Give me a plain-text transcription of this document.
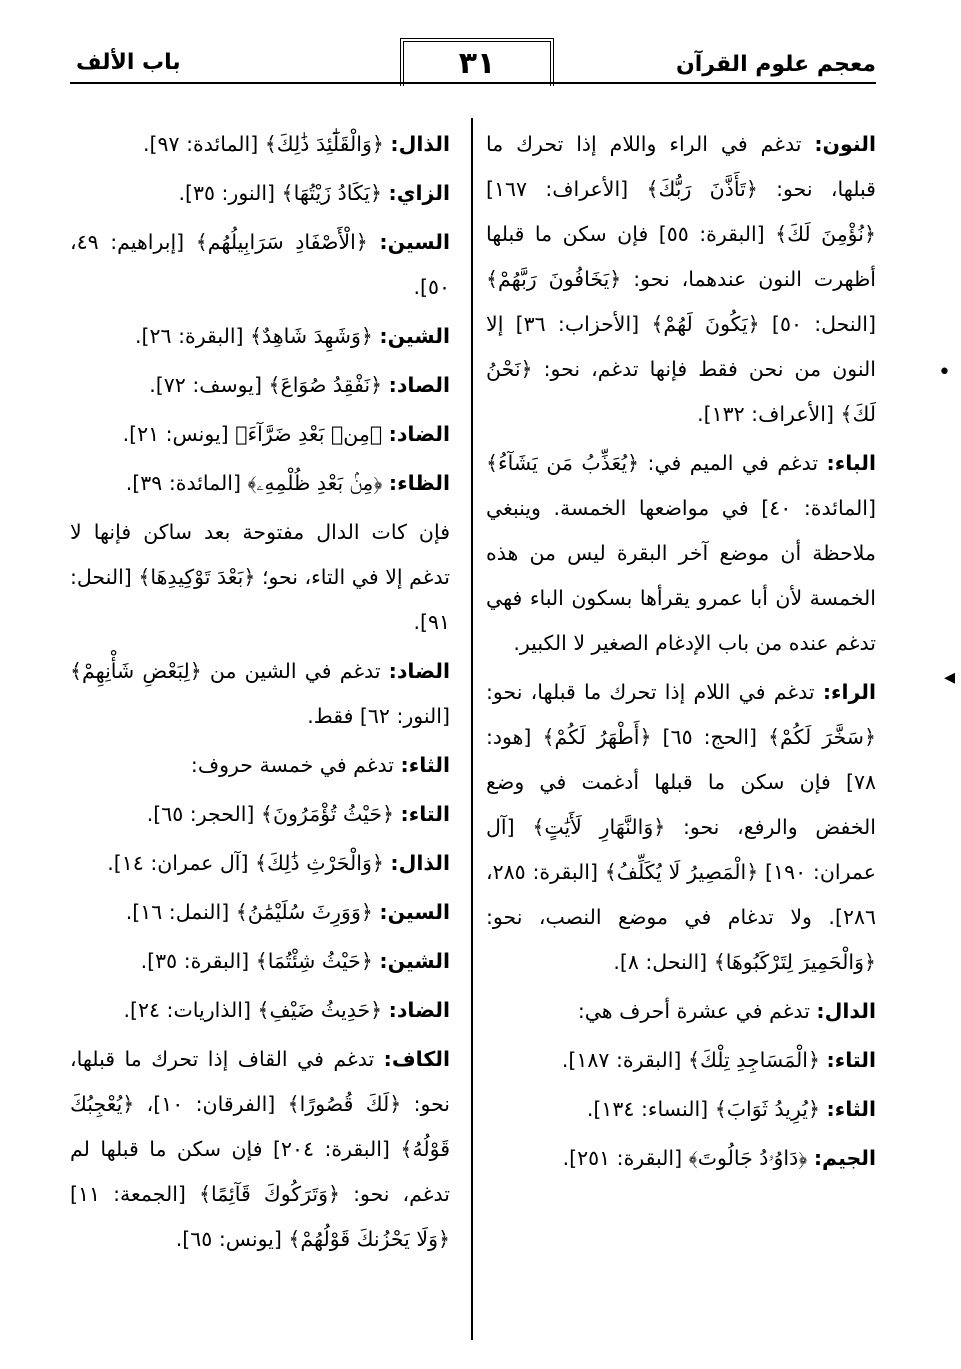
معجم علوم القرآن
٣١
باب الألف

النون: تدغم في الراء واللام إذا تحرك ما قبلها، نحو: ﴿تَأَذَّنَ رَبُّكَ﴾ [الأعراف: ١٦٧] ﴿نُؤْمِنَ لَكَ﴾ [البقرة: ٥٥] فإن سكن ما قبلها أظهرت النون عندهما، نحو: ﴿يَخَافُونَ رَبَّهُمْ﴾ [النحل: ٥٠] ﴿يَكُونَ لَهُمْ﴾ [الأحزاب: ٣٦] إلا النون من نحن فقط فإنها تدغم، نحو: ﴿نَحْنُ لَكَ﴾ [الأعراف: ١٣٢].

الباء: تدغم في الميم في: ﴿يُعَذِّبُ مَن يَشَآءُ﴾ [المائدة: ٤٠] في مواضعها الخمسة. وينبغي ملاحظة أن موضع آخر البقرة ليس من هذه الخمسة لأن أبا عمرو يقرأها بسكون الباء فهي تدغم عنده من باب الإدغام الصغير لا الكبير.

الراء: تدغم في اللام إذا تحرك ما قبلها، نحو: ﴿سَخَّرَ لَكُمْ﴾ [الحج: ٦٥] ﴿أَطْهَرُ لَكُمْ﴾ [هود: ٧٨] فإن سكن ما قبلها أدغمت في وضع الخفض والرفع، نحو: ﴿وَالنَّهَارِ لَأَيَٰتٍ﴾ [آل عمران: ١٩٠] ﴿الْمَصِيرُ لَا يُكَلِّفُ﴾ [البقرة: ٢٨٥، ٢٨٦]. ولا تدغام في موضع النصب، نحو: ﴿وَالْحَمِيرَ لِتَرْكَبُوهَا﴾ [النحل: ٨].

الدال: تدغم في عشرة أحرف هي:

التاء: ﴿الْمَسَاجِدِ تِلْكَ﴾ [البقرة: ١٨٧].

الثاء: ﴿يُرِيدُ ثَوَابَ﴾ [النساء: ١٣٤].

الجيم: ﴿دَاوُۥدُ جَالُوتَ﴾ [البقرة: ٢٥١].

الذال: ﴿وَالْقَلَٰٓئِدَ ذَٰلِكَ﴾ [المائدة: ٩٧].

الزاي: ﴿يَكَادُ زَيْتُهَا﴾ [النور: ٣٥].

السين: ﴿الْأَصْفَادِ سَرَابِيلُهُم﴾ [إبراهيم: ٤٩، ٥٠].

الشين: ﴿وَشَهِدَ شَاهِدٌ﴾ [البقرة: ٢٦].

الصاد: ﴿نَفْقِدُ صُوَاعَ﴾ [يوسف: ٧٢].

الضاد: ﴿مِنۢ بَعْدِ ضَرَّآءَ﴾ [يونس: ٢١].

الظاء: ﴿مِنۢ بَعْدِ ظُلْمِهِۦ﴾ [المائدة: ٣٩].

فإن كات الدال مفتوحة بعد ساكن فإنها لا تدغم إلا في التاء، نحو؛ ﴿بَعْدَ تَوْكِيدِهَا﴾ [النحل: ٩١].

الضاد: تدغم في الشين من ﴿لِبَعْضِ شَأْنِهِمْ﴾ [النور: ٦٢] فقط.

الثاء: تدغم في خمسة حروف:

التاء: ﴿حَيْثُ تُؤْمَرُونَ﴾ [الحجر: ٦٥].

الذال: ﴿وَالْحَرْثِ ذَٰلِكَ﴾ [آل عمران: ١٤].

السين: ﴿وَوَرِثَ سُلَيْمَٰنُ﴾ [النمل: ١٦].

الشين: ﴿حَيْثُ شِئْتُمَا﴾ [البقرة: ٣٥].

الضاد: ﴿حَدِيثُ ضَيْفِ﴾ [الذاريات: ٢٤].

الكاف: تدغم في القاف إذا تحرك ما قبلها، نحو: ﴿لَكَ قُصُورًا﴾ [الفرقان: ١٠]، ﴿يُعْجِبُكَ قَوْلُهُ﴾ [البقرة: ٢٠٤] فإن سكن ما قبلها لم تدغم، نحو: ﴿وَتَرَكُوكَ قَآئِمًا﴾ [الجمعة: ١١] ﴿وَلَا يَحْزُنكَ قَوْلُهُمْ﴾ [يونس: ٦٥].

•
◂
